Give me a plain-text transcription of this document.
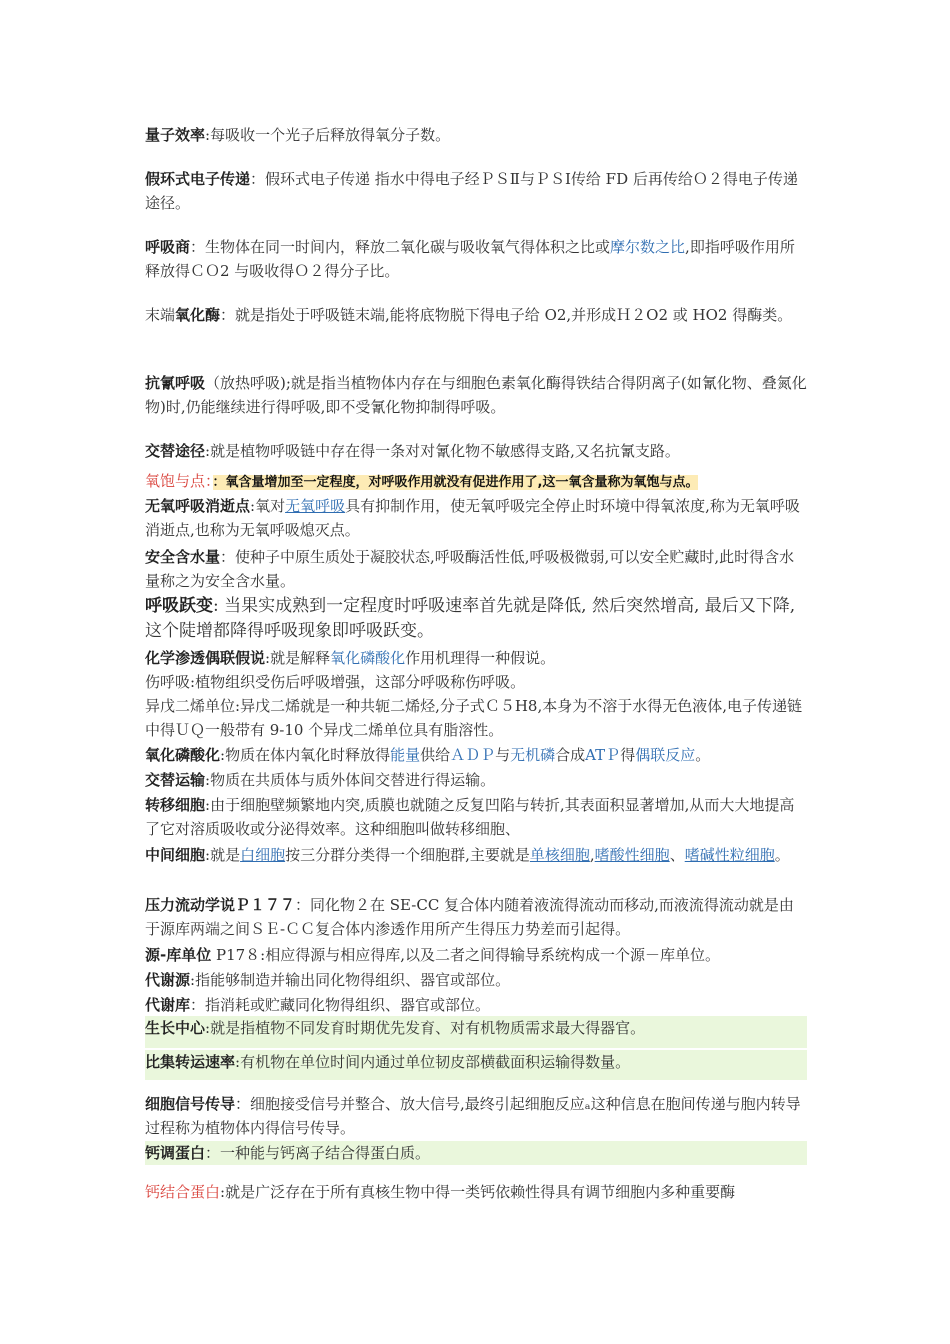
量子效率:每吸收一个光子后释放得氧分子数。

假环式电子传递：假环式电子传递 指水中得电子经ＰＳⅡ与ＰＳⅠ传给 FD 后再传给Ｏ２得电子传递途径。

呼吸商：生物体在同一时间内，释放二氧化碳与吸收氧气得体积之比或摩尔数之比,即指呼吸作用所释放得ＣＯ2 与吸收得Ｏ２得分子比。

末端氧化酶：就是指处于呼吸链末端,能将底物脱下得电子给 O2,并形成Ｈ２O2 或 HO2 得酶类。

抗氰呼吸（放热呼吸);就是指当植物体内存在与细胞色素氧化酶得铁结合得阴离子(如氰化物、叠氮化物)时,仍能继续进行得呼吸,即不受氰化物抑制得呼吸。

交替途径:就是植物呼吸链中存在得一条对对氰化物不敏感得支路,又名抗氰支路。

氧饱与点：：氧含量增加至一定程度，对呼吸作用就没有促进作用了,这一氧含量称为氧饱与点。

无氧呼吸消逝点:氧对无氧呼吸具有抑制作用，使无氧呼吸完全停止时环境中得氧浓度,称为无氧呼吸消逝点,也称为无氧呼吸熄灭点。

安全含水量：使种子中原生质处于凝胶状态,呼吸酶活性低,呼吸极微弱,可以安全贮藏时,此时得含水量称之为安全含水量。

呼吸跃变: 当果实成熟到一定程度时呼吸速率首先就是降低, 然后突然增高, 最后又下降, 这个陡增都降得呼吸现象即呼吸跃变。

化学渗透偶联假说:就是解释氧化磷酸化作用机理得一种假说。

伤呼吸:植物组织受伤后呼吸增强，这部分呼吸称伤呼吸。

异戊二烯单位:异戊二烯就是一种共轭二烯烃,分子式Ｃ５H8,本身为不溶于水得无色液体,电子传递链中得ＵＱ一般带有 9-10 个异戊二烯单位具有脂溶性。

氧化磷酸化:物质在体内氧化时释放得能量供给ＡＤＰ与无机磷合成ATＰ得偶联反应。

交替运输:物质在共质体与质外体间交替进行得运输。

转移细胞:由于细胞壁频繁地内突,质膜也就随之反复凹陷与转折,其表面积显著增加,从而大大地提高了它对溶质吸收或分泌得效率。这种细胞叫做转移细胞、

中间细胞:就是白细胞按三分群分类得一个细胞群,主要就是单核细胞,嗜酸性细胞、嗜碱性粒细胞。

压力流动学说Ｐ１７７：同化物２在 SE-CC 复合体内随着液流得流动而移动,而液流得流动就是由于源库两端之间ＳＥ-ＣＣ复合体内渗透作用所产生得压力势差而引起得。

源-库单位 P17８:相应得源与相应得库,以及二者之间得输导系统构成一个源－库单位。

代谢源:指能够制造并输出同化物得组织、器官或部位。

代谢库：指消耗或贮藏同化物得组织、器官或部位。

生长中心:就是指植物不同发育时期优先发育、对有机物质需求最大得器官。

比集转运速率:有机物在单位时间内通过单位韧皮部横截面积运输得数量。

细胞信号传导：细胞接受信号并整合、放大信号,最终引起细胞反应ₐ这种信息在胞间传递与胞内转导过程称为植物体内得信号传导。

钙调蛋白：一种能与钙离子结合得蛋白质。

钙结合蛋白:就是广泛存在于所有真核生物中得一类钙依赖性得具有调节细胞内多种重要酶
